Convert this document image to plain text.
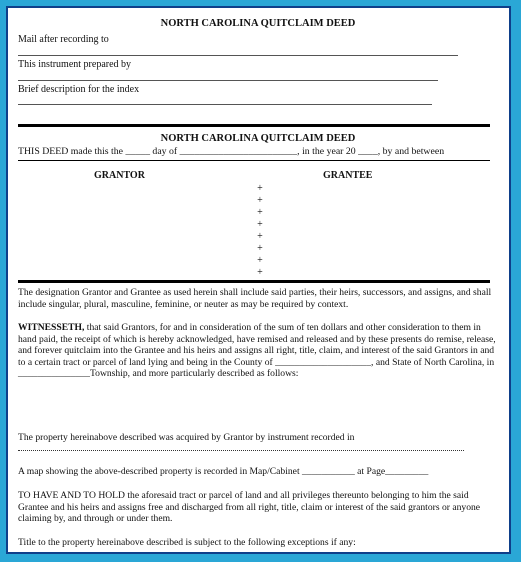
NORTH CAROLINA QUITCLAIM DEED
Mail after recording to
This instrument prepared by
Brief description for the index
NORTH CAROLINA QUITCLAIM DEED
THIS DEED made this the _____ day of ________________________, in the year 20 ____, by and between
GRANTOR	GRANTEE
+
+
+
+
+
+
+
+
The designation Grantor and Grantee as used herein shall include said parties, their heirs, successors, and assigns, and shall include singular, plural, masculine, feminine, or neuter as may be required by context.
WITNESSETH, that said Grantors, for and in consideration of the sum of ten dollars and other consideration to them in hand paid, the receipt of which is hereby acknowledged, have remised and released and by these presents do remise, release, and forever quitclaim into the Grantee and his heirs and assigns all right, title, claim, and interest of the said Grantors in and to a certain tract or parcel of land lying and being in the County of ____________________, and State of North Carolina, in _______________Township, and more particularly described as follows:
The property hereinabove described was acquired by Grantor by instrument recorded in
A map showing the above-described property is recorded in Map/Cabinet ___________ at Page_________
TO HAVE AND TO HOLD the aforesaid tract or parcel of land and all privileges thereunto belonging to him the said Grantee and his heirs and assigns free and discharged from all right, title, claim or interest of the said grantors or anyone claiming by, and through or under them.
Title to the property hereinabove described is subject to the following exceptions if any:
